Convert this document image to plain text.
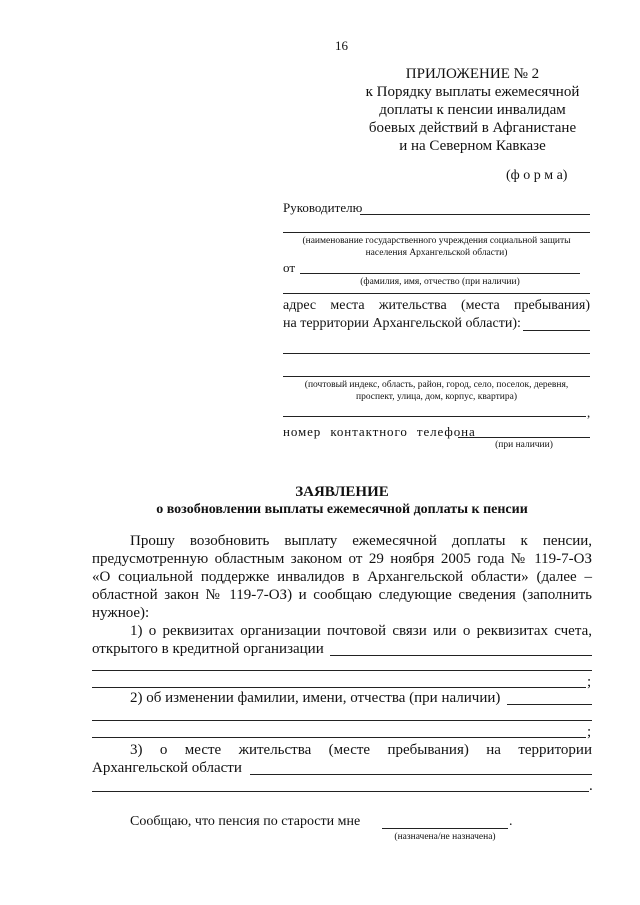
16
ПРИЛОЖЕНИЕ № 2
к Порядку выплаты ежемесячной
доплаты к пенсии инвалидам
боевых действий в Афганистане
и на Северном Кавказе
(ф о р м а)
Руководителю
(наименование государственного учреждения социальной защиты
населения Архангельской области)
от
(фамилия, имя, отчество (при наличии)
адрес места жительства (места пребывания)
на территории Архангельской области):
(почтовый индекс, область, район, город, село, поселок, деревня,
проспект, улица, дом, корпус, квартира)
,
номер контактного телефона
(при наличии)
ЗАЯВЛЕНИЕ
о возобновлении выплаты ежемесячной доплаты к пенсии
Прошу возобновить выплату ежемесячной доплаты к пенсии,
предусмотренную областным законом от 29 ноября 2005 года № 119-7-ОЗ
«О социальной поддержке инвалидов в Архангельской области» (далее –
областной закон № 119-7-ОЗ) и сообщаю следующие сведения (заполнить
нужное):
1) о реквизитах организации почтовой связи или о реквизитах счета,
открытого в кредитной организации
;
2) об изменении фамилии, имени, отчества (при наличии)
;
3) о месте жительства (месте пребывания) на территории
Архангельской области
.
Сообщаю, что пенсия по старости мне	.
(назначена/не назначена)
